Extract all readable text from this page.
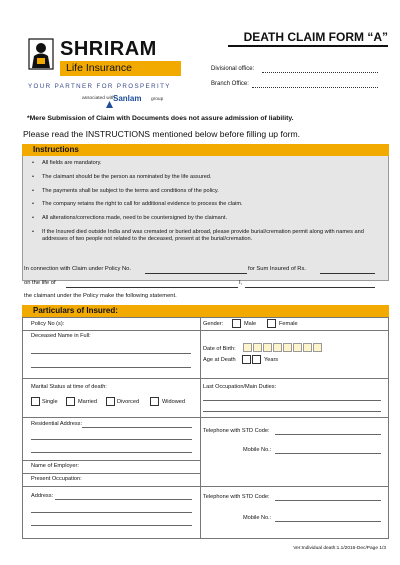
SHRIRAM
Life Insurance
YOUR PARTNER FOR PROSPERITY
associated with
Sanlam group
DEATH CLAIM FORM “A”
Divisional office:
Branch Office:
*Mere Submission of Claim with Documents does not assure admission of liability.
Please read the INSTRUCTIONS mentioned below before filling up form.
Instructions
• All fields are mandatory.
• The claimant should be the person as nominated by the life assured.
• The payments shall be subject to the terms and conditions of the policy.
• The company retains the right to call for additional evidence to process the claim.
• All alterations/corrections made, need to be countersigned by the claimant.
• If the Insured died outside India and was cremated or buried abroad, please provide burial/cremation permit along with names and addresses of two people not related to the deceased, present at the burial/cremation.
In connection with Claim under Policy No.	for Sum Insured of Rs.
on the life of	I,
the claimant under the Policy make the following statement.
Particulars of Insured:
Policy No (s):	Gender:	Male	Female
Deceased Name in Full:
Date of Birth:
Age at Death	Years
Marital Status at time of death:
Single	Married	Divorced	Widowed
Last Occupation/Main Duties:
Residential Address:
Telephone with STD Code:
Mobile No.:
Name of Employer:
Present Occupation:
Address:	Telephone with STD Code:
Mobile No.:
Ver:Individual death:1.1/2016-Dec/Page 1/3
